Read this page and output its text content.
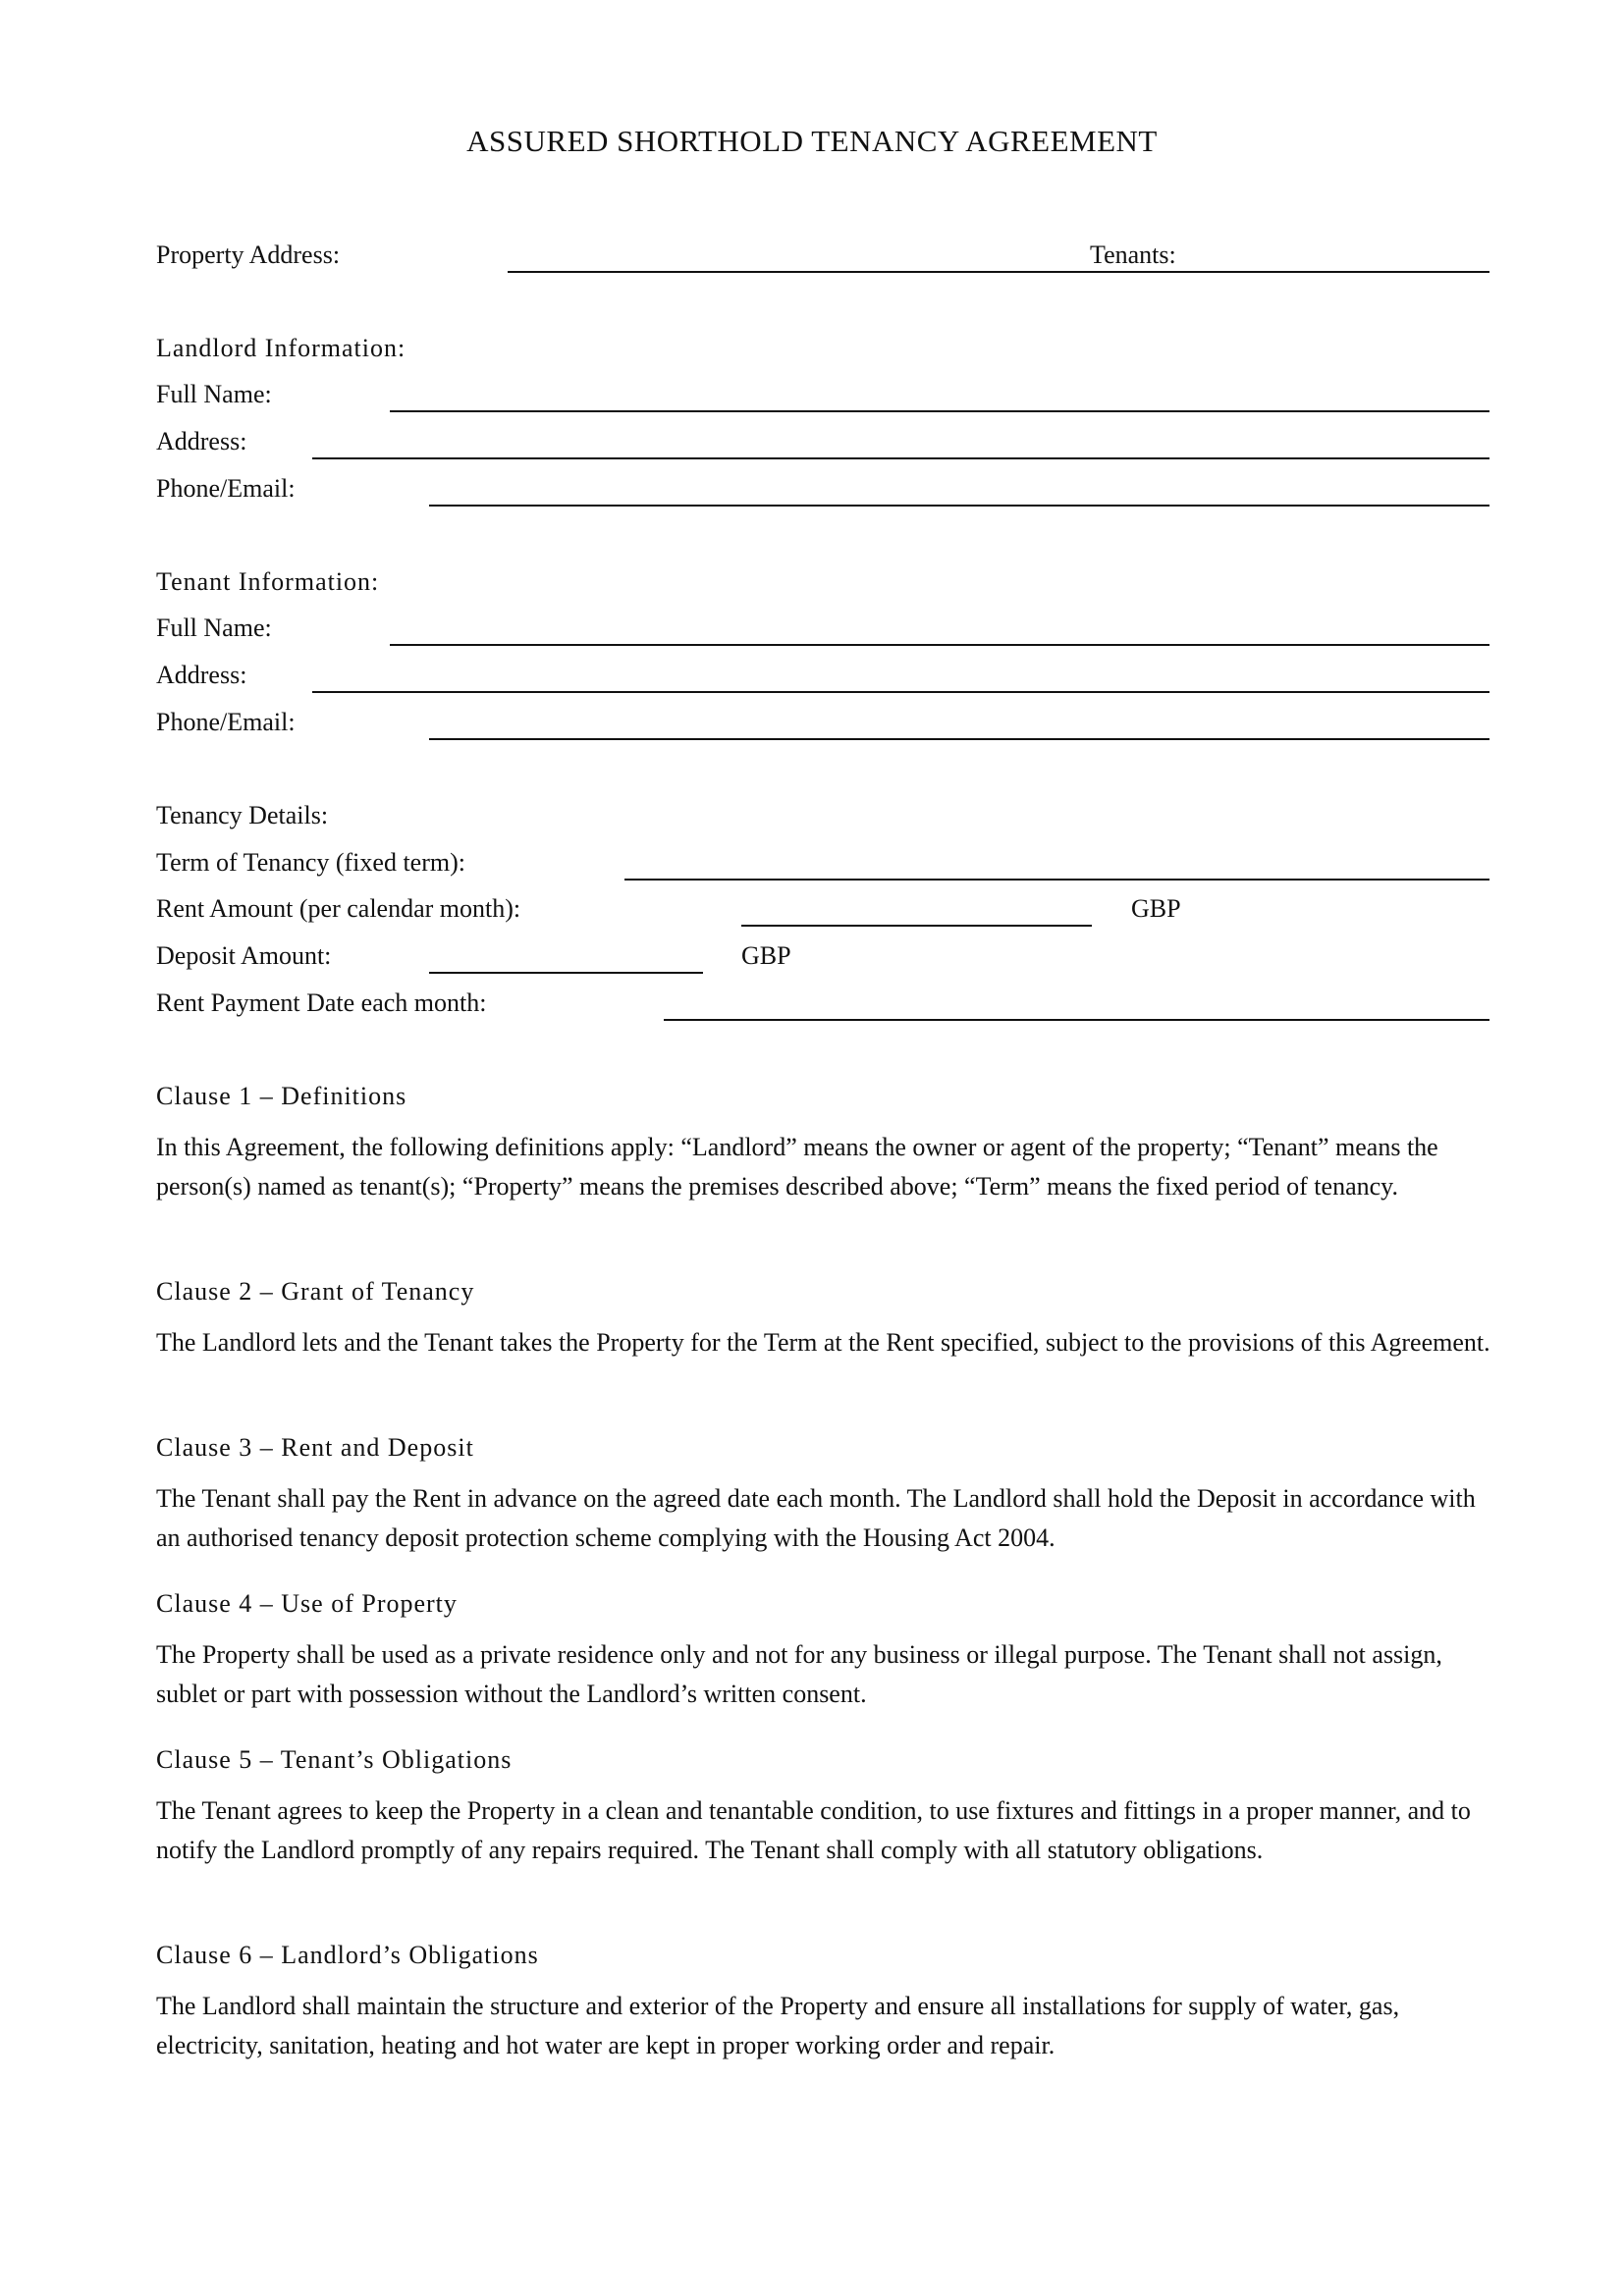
ASSURED SHORTHOLD TENANCY AGREEMENT
Property Address:	Tenants:
Landlord Information:
Full Name:
Address:
Phone/Email:
Tenant Information:
Full Name:
Address:
Phone/Email:
Tenancy Details:
Term of Tenancy (fixed term):
Rent Amount (per calendar month):	GBP
Deposit Amount:	GBP
Rent Payment Date each month:
Clause 1 – Definitions
In this Agreement, the following definitions apply: “Landlord” means the owner or agent of the property; “Tenant” means the person(s) named as tenant(s); “Property” means the premises described above; “Term” means the fixed period of tenancy.
Clause 2 – Grant of Tenancy
The Landlord lets and the Tenant takes the Property for the Term at the Rent specified, subject to the provisions of this Agreement.
Clause 3 – Rent and Deposit
The Tenant shall pay the Rent in advance on the agreed date each month. The Landlord shall hold the Deposit in accordance with an authorised tenancy deposit protection scheme complying with the Housing Act 2004.
Clause 4 – Use of Property
The Property shall be used as a private residence only and not for any business or illegal purpose. The Tenant shall not assign, sublet or part with possession without the Landlord’s written consent.
Clause 5 – Tenant’s Obligations
The Tenant agrees to keep the Property in a clean and tenantable condition, to use fixtures and fittings in a proper manner, and to notify the Landlord promptly of any repairs required. The Tenant shall comply with all statutory obligations.
Clause 6 – Landlord’s Obligations
The Landlord shall maintain the structure and exterior of the Property and ensure all installations for supply of water, gas, electricity, sanitation, heating and hot water are kept in proper working order and repair.
